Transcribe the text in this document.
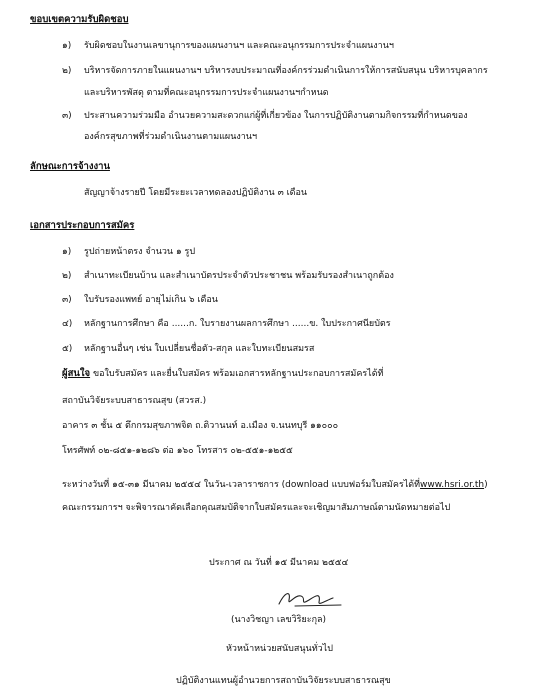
ขอบเขตความรับผิดชอบ
๑) รับผิดชอบในงานเลขานุการของแผนงานฯ และคณะอนุกรรมการประจำแผนงานฯ
๒) บริหารจัดการภายในแผนงานฯ บริหารงบประมาณที่องค์กรร่วมดำเนินการให้การสนับสนุน บริหารบุคลากร
และบริหารพัสดุ ตามที่คณะอนุกรรมการประจำแผนงานฯกำหนด
๓) ประสานความร่วมมือ อำนวยความสะดวกแก่ผู้ที่เกี่ยวข้อง ในการปฏิบัติงานตามกิจกรรมที่กำหนดของ
องค์กรสุขภาพที่ร่วมดำเนินงานตามแผนงานฯ
ลักษณะการจ้างงาน
สัญญาจ้างรายปี โดยมีระยะเวลาทดลองปฏิบัติงาน ๓ เดือน
เอกสารประกอบการสมัคร
๑) รูปถ่ายหน้าตรง จำนวน ๑ รูป
๒) สำเนาทะเบียนบ้าน และสำเนาบัตรประจำตัวประชาชน พร้อมรับรองสำเนาถูกต้อง
๓) ใบรับรองแพทย์ อายุไม่เกิน ๖ เดือน
๔) หลักฐานการศึกษา คือ ......ก. ใบรายงานผลการศึกษา ......ข. ใบประกาศนียบัตร
๕) หลักฐานอื่นๆ เช่น ใบเปลี่ยนชื่อตัว-สกุล และใบทะเบียนสมรส
ผู้สนใจ ขอใบรับสมัคร และยื่นใบสมัคร พร้อมเอกสารหลักฐานประกอบการสมัครได้ที่
สถาบันวิจัยระบบสาธารณสุข (สวรส.)
อาคาร ๓ ชั้น ๕ ตึกกรมสุขภาพจิต ถ.ติวานนท์ อ.เมือง จ.นนทบุรี ๑๑๐๐๐
โทรศัพท์ ๐๒-๘๕๑-๑๒๘๖ ต่อ ๑๖๐ โทรสาร ๐๒-๕๕๑-๑๒๕๕
ระหว่างวันที่ ๑๕-๓๑ มีนาคม ๒๕๕๔ ในวัน-เวลาราชการ (download แบบฟอร์มใบสมัครได้ที่www.hsri.or.th)
คณะกรรมการฯ จะพิจารณาคัดเลือกคุณสมบัติจากใบสมัครและจะเชิญมาสัมภาษณ์ตามนัดหมายต่อไป
ประกาศ ณ วันที่ ๑๕ มีนาคม ๒๕๕๔
(นางวิชญา เลขวิริยะกุล)
หัวหน้าหน่วยสนับสนุนทั่วไป
ปฏิบัติงานแทนผู้อำนวยการสถาบันวิจัยระบบสาธารณสุข
